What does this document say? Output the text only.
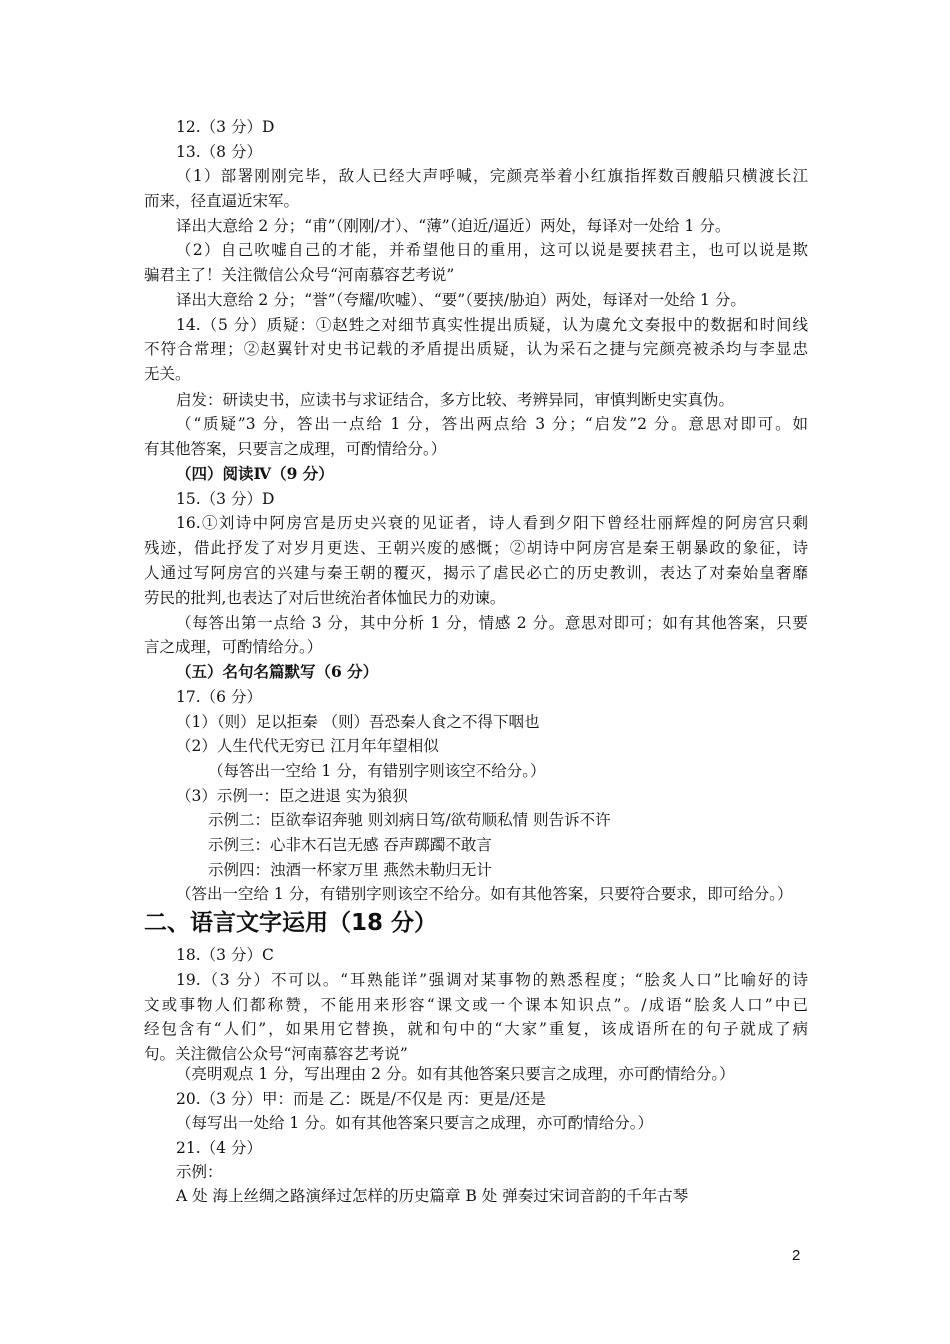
12.（3 分）D
13.（8 分）
（1）部署刚刚完毕，敌人已经大声呼喊，完颜亮举着小红旗指挥数百艘船只横渡长江
而来，径直逼近宋军。
译出大意给 2 分；“甫”（刚刚/才）、“薄”（迫近/逼近）两处，每译对一处给 1 分。
（2）自己吹嘘自己的才能，并希望他日的重用，这可以说是要挟君主，也可以说是欺
骗君主了！关注微信公众号“河南慕容艺考说”
译出大意给 2 分；“誉”（夸耀/吹嘘）、“要”（要挟/胁迫）两处，每译对一处给 1 分。
14.（5 分）质疑：①赵甡之对细节真实性提出质疑，认为虞允文奏报中的数据和时间线
不符合常理；②赵翼针对史书记载的矛盾提出质疑，认为采石之捷与完颜亮被杀均与李显忠
无关。
启发：研读史书，应读书与求证结合，多方比较、考辨异同，审慎判断史实真伪。
（“质疑”3 分，答出一点给 1 分，答出两点给 3 分；“启发”2 分。意思对即可。如
有其他答案，只要言之成理，可酌情给分。）
（四）阅读Ⅳ（9 分）
15.（3 分）D
16.①刘诗中阿房宫是历史兴衰的见证者，诗人看到夕阳下曾经壮丽辉煌的阿房宫只剩
残迹，借此抒发了对岁月更迭、王朝兴废的感慨；②胡诗中阿房宫是秦王朝暴政的象征，诗
人通过写阿房宫的兴建与秦王朝的覆灭，揭示了虐民必亡的历史教训，表达了对秦始皇奢靡
劳民的批判,也表达了对后世统治者体恤民力的劝谏。
（每答出第一点给 3 分，其中分析 1 分，情感 2 分。意思对即可；如有其他答案，只要
言之成理，可酌情给分。）
（五）名句名篇默写（6 分）
17.（6 分）
（1）（则）足以拒秦 （则）吾恐秦人食之不得下咽也
（2）人生代代无穷已 江月年年望相似
（每答出一空给 1 分，有错别字则该空不给分。）
（3）示例一：臣之进退 实为狼狈
示例二：臣欲奉诏奔驰 则刘病日笃/欲苟顺私情 则告诉不许
示例三：心非木石岂无感 吞声踯躅不敢言
示例四：浊酒一杯家万里 燕然未勒归无计
（答出一空给 1 分，有错别字则该空不给分。如有其他答案，只要符合要求，即可给分。）
二、语言文字运用（18 分）
18.（3 分）C
19.（3 分）不可以。“耳熟能详”强调对某事物的熟悉程度；“脍炙人口”比喻好的诗
文或事物人们都称赞，不能用来形容“课文或一个课本知识点”。/成语“脍炙人口”中已
经包含有“人们”，如果用它替换，就和句中的“大家”重复，该成语所在的句子就成了病
句。关注微信公众号“河南慕容艺考说”
（亮明观点 1 分，写出理由 2 分。如有其他答案只要言之成理，亦可酌情给分。）
20.（3 分）甲：而是 乙：既是/不仅是 丙：更是/还是
（每写出一处给 1 分。如有其他答案只要言之成理，亦可酌情给分。）
21.（4 分）
示例：
A 处 海上丝绸之路演绎过怎样的历史篇章 B 处 弹奏过宋词音韵的千年古琴
2
